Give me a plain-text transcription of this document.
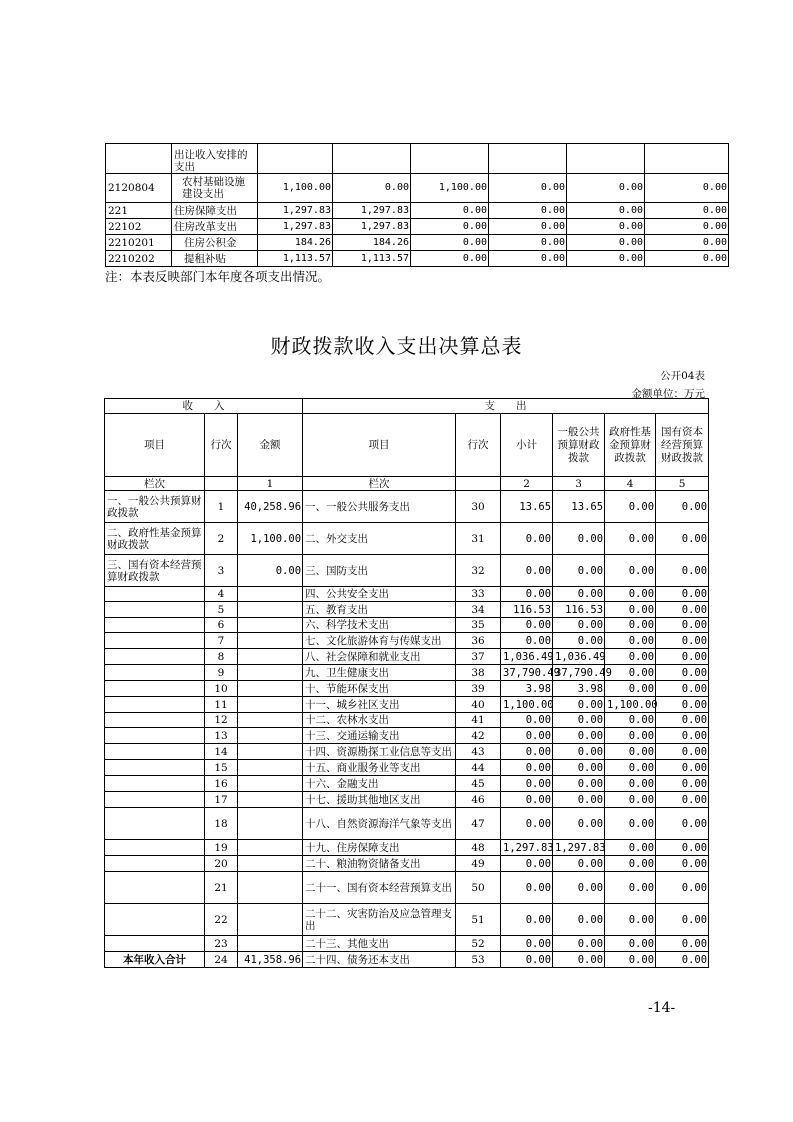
	出让收入安排的支出						
2120804	农村基础设施建设支出	1,100.00	0.00	1,100.00	0.00	0.00	0.00
221	住房保障支出	1,297.83	1,297.83	0.00	0.00	0.00	0.00
22102	住房改革支出	1,297.83	1,297.83	0.00	0.00	0.00	0.00
2210201	住房公积金	184.26	184.26	0.00	0.00	0.00	0.00
2210202	提租补贴	1,113.57	1,113.57	0.00	0.00	0.00	0.00
注：本表反映部门本年度各项支出情况。
财政拨款收入支出决算总表
公开04表
金额单位：万元
收　　入			支　　出					
项目	行次	金额	项目	行次	小计	一般公共预算财政拨款	政府性基金预算财政拨款	国有资本经营预算财政拨款
栏次		1	栏次		2	3	4	5
一、一般公共预算财政拨款	1	40,258.96	一、一般公共服务支出	30	13.65	13.65	0.00	0.00
二、政府性基金预算财政拨款	2	1,100.00	二、外交支出	31	0.00	0.00	0.00	0.00
三、国有资本经营预算财政拨款	3	0.00	三、国防支出	32	0.00	0.00	0.00	0.00
	4		四、公共安全支出	33	0.00	0.00	0.00	0.00
	5		五、教育支出	34	116.53	116.53	0.00	0.00
	6		六、科学技术支出	35	0.00	0.00	0.00	0.00
	7		七、文化旅游体育与传媒支出	36	0.00	0.00	0.00	0.00
	8		八、社会保障和就业支出	37	1,036.49	1,036.49	0.00	0.00
	9		九、卫生健康支出	38	37,790.49	37,790.49	0.00	0.00
	10		十、节能环保支出	39	3.98	3.98	0.00	0.00
	11		十一、城乡社区支出	40	1,100.00	0.00	1,100.00	0.00
	12		十二、农林水支出	41	0.00	0.00	0.00	0.00
	13		十三、交通运输支出	42	0.00	0.00	0.00	0.00
	14		十四、资源勘探工业信息等支出	43	0.00	0.00	0.00	0.00
	15		十五、商业服务业等支出	44	0.00	0.00	0.00	0.00
	16		十六、金融支出	45	0.00	0.00	0.00	0.00
	17		十七、援助其他地区支出	46	0.00	0.00	0.00	0.00
	18		十八、自然资源海洋气象等支出	47	0.00	0.00	0.00	0.00
	19		十九、住房保障支出	48	1,297.83	1,297.83	0.00	0.00
	20		二十、粮油物资储备支出	49	0.00	0.00	0.00	0.00
	21		二十一、国有资本经营预算支出	50	0.00	0.00	0.00	0.00
	22		二十二、灾害防治及应急管理支出	51	0.00	0.00	0.00	0.00
	23		二十三、其他支出	52	0.00	0.00	0.00	0.00
本年收入合计	24	41,358.96	二十四、债务还本支出	53	0.00	0.00	0.00	0.00
-14-
